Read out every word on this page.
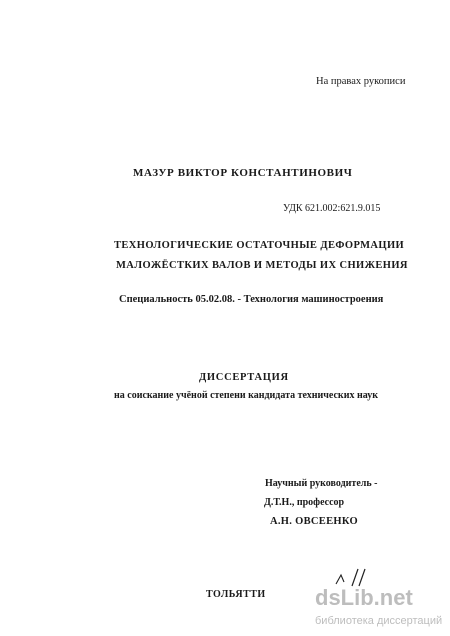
На правах рукописи
МАЗУР ВИКТОР КОНСТАНТИНОВИЧ
УДК 621.002:621.9.015
ТЕХНОЛОГИЧЕСКИЕ ОСТАТОЧНЫЕ ДЕФОРМАЦИИ
МАЛОЖЁСТКИХ ВАЛОВ И МЕТОДЫ ИХ СНИЖЕНИЯ
Специальность 05.02.08. - Технология машиностроения
ДИССЕРТАЦИЯ
на соискание учёной степени кандидата технических наук
Научный руководитель -
Д.Т.Н., профессор
А.Н. ОВСЕЕНКО
ТОЛЬЯТТИ dsLib.net
библиотека диссертаций
